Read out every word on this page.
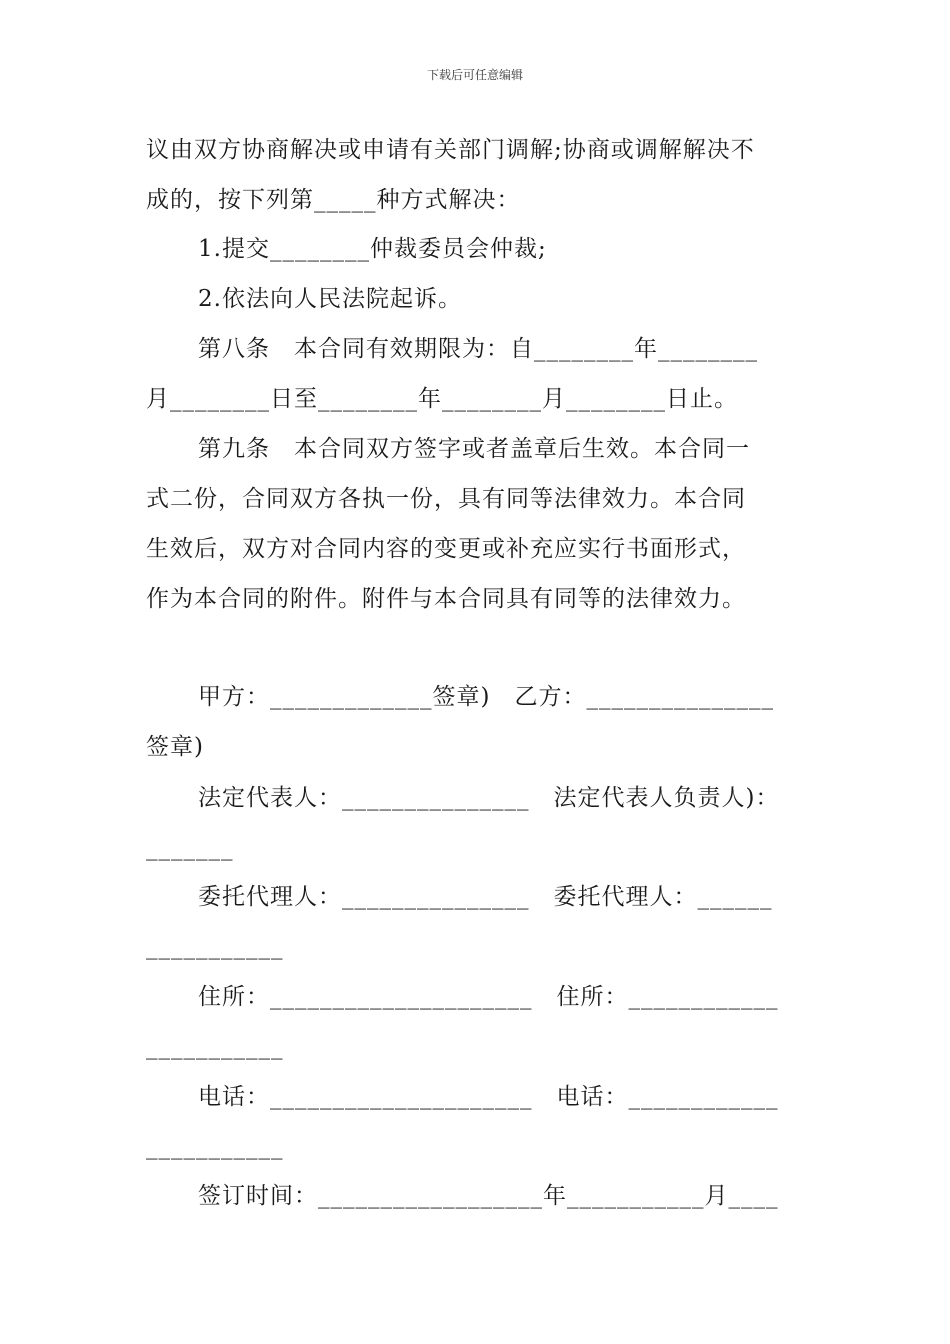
下载后可任意编辑
议由双方协商解决或申请有关部门调解;协商或调解解决不
成的，按下列第_____种方式解决：
1.提交________仲裁委员会仲裁;
2.依法向人民法院起诉。
第八条　本合同有效期限为：自________年________
月________日至________年________月________日止。
第九条　本合同双方签字或者盖章后生效。本合同一
式二份，合同双方各执一份，具有同等法律效力。本合同
生效后，双方对合同内容的变更或补充应实行书面形式，
作为本合同的附件。附件与本合同具有同等的法律效力。
甲方：_____________签章)　乙方：_______________
签章)
法定代表人：_______________　法定代表人负责人)：
_______
委托代理人：_______________　委托代理人：______
___________
住所：_____________________　住所：____________
___________
电话：_____________________　电话：____________
___________
签订时间：__________________年___________月____
